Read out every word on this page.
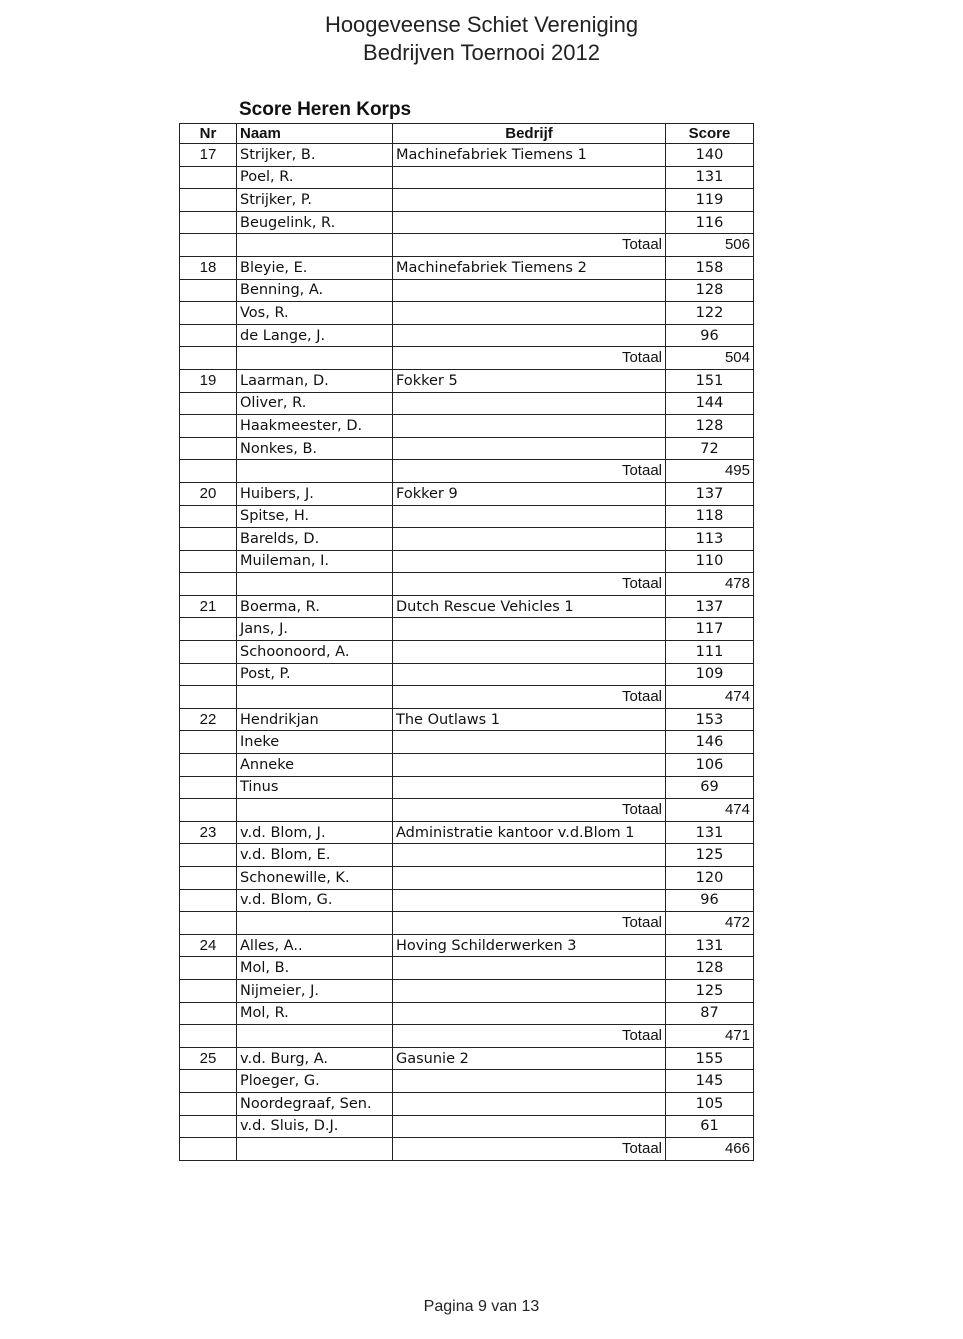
Hoogeveense Schiet Vereniging
Bedrijven Toernooi 2012
Score Heren Korps
Nr	Naam	Bedrijf	Score
17	Strijker, B.	Machinefabriek Tiemens 1	140
	Poel, R.		131
	Strijker, P.		119
	Beugelink, R.		116
		Totaal	506
18	Bleyie, E.	Machinefabriek Tiemens 2	158
	Benning, A.		128
	Vos, R.		122
	de Lange, J.		96
		Totaal	504
19	Laarman, D.	Fokker 5	151
	Oliver, R.		144
	Haakmeester, D.		128
	Nonkes, B.		72
		Totaal	495
20	Huibers, J.	Fokker 9	137
	Spitse, H.		118
	Barelds, D.		113
	Muileman, I.		110
		Totaal	478
21	Boerma, R.	Dutch Rescue Vehicles 1	137
	Jans, J.		117
	Schoonoord, A.		111
	Post, P.		109
		Totaal	474
22	Hendrikjan	The Outlaws 1	153
	Ineke		146
	Anneke		106
	Tinus		69
		Totaal	474
23	v.d. Blom, J.	Administratie kantoor v.d.Blom 1	131
	v.d. Blom, E.		125
	Schonewille, K.		120
	v.d. Blom, G.		96
		Totaal	472
24	Alles, A..	Hoving Schilderwerken 3	131
	Mol, B.		128
	Nijmeier, J.		125
	Mol, R.		87
		Totaal	471
25	v.d. Burg, A.	Gasunie 2	155
	Ploeger, G.		145
	Noordegraaf, Sen.		105
	v.d. Sluis, D.J.		61
		Totaal	466
Pagina 9 van 13
